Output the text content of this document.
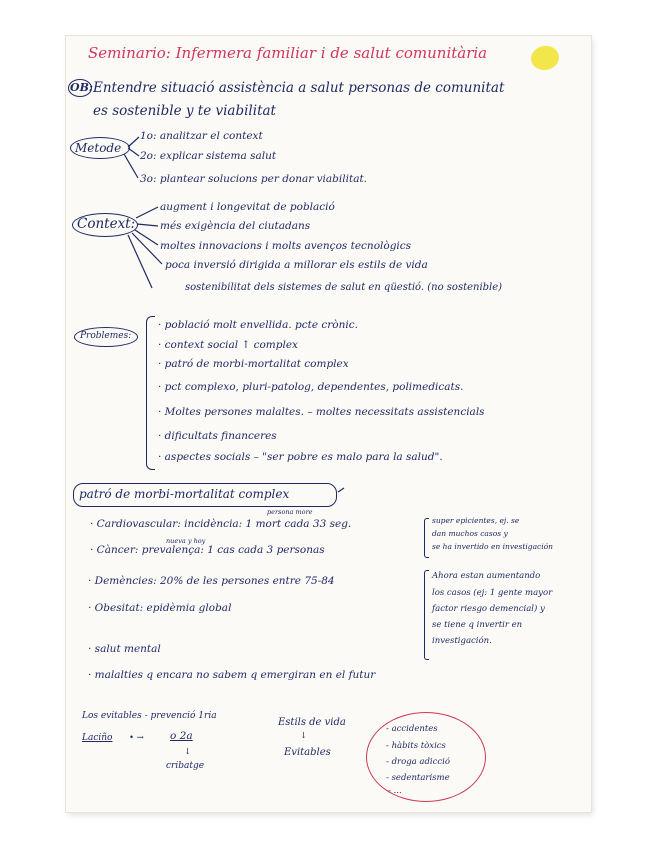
Seminario: Infermera familiar i de salut comunitària
OB: Entendre situació assistència a salut personas de comunitat
es sostenible y te viabilitat
Metode
1o: analitzar el context
2o: explicar sistema salut
3o: plantear solucions per donar viabilitat.
Context:
augment i longevitat de població
més exigència del ciutadans
moltes innovacions i molts avenços tecnològics
poca inversió dirigida a millorar els estils de vida
sostenibilitat dels sistemes de salut en qüestió. (no sostenible)
Problemes:
· població molt envellida. pcte crònic.
· context social ↑ complex
· patró de morbi-mortalitat complex
· pct complexo, pluri-patolog, dependentes, polimedicats.
· Moltes persones malaltes. – moltes necessitats assistencials
· dificultats financeres
· aspectes socials – "ser pobre es malo para la salud".
patró de morbi-mortalitat complex
persona more
nueva y hoy
· Cardiovascular: incidència: 1 mort cada 33 seg.
· Càncer: prevalença: 1 cas cada 3 personas
· Demències: 20% de les persones entre 75-84
· Obesitat: epidèmia global
· salut mental
· malalties q encara no sabem q emergiran en el futur
super epicientes, ej. se
dan muchos casos y
se ha invertido en investigación
Ahora estan aumentando
los casos (ej: 1 gente mayor
factor riesgo demencial) y
se tiene q invertir en
investigación.
Los evitables - prevenció 1ria
Laciño • → o 2a
↓
cribatge
Estils de vida
↓
Evitables
- accidentes
- hàbits tòxics
- droga adicció
- sedentarisme
- ...
